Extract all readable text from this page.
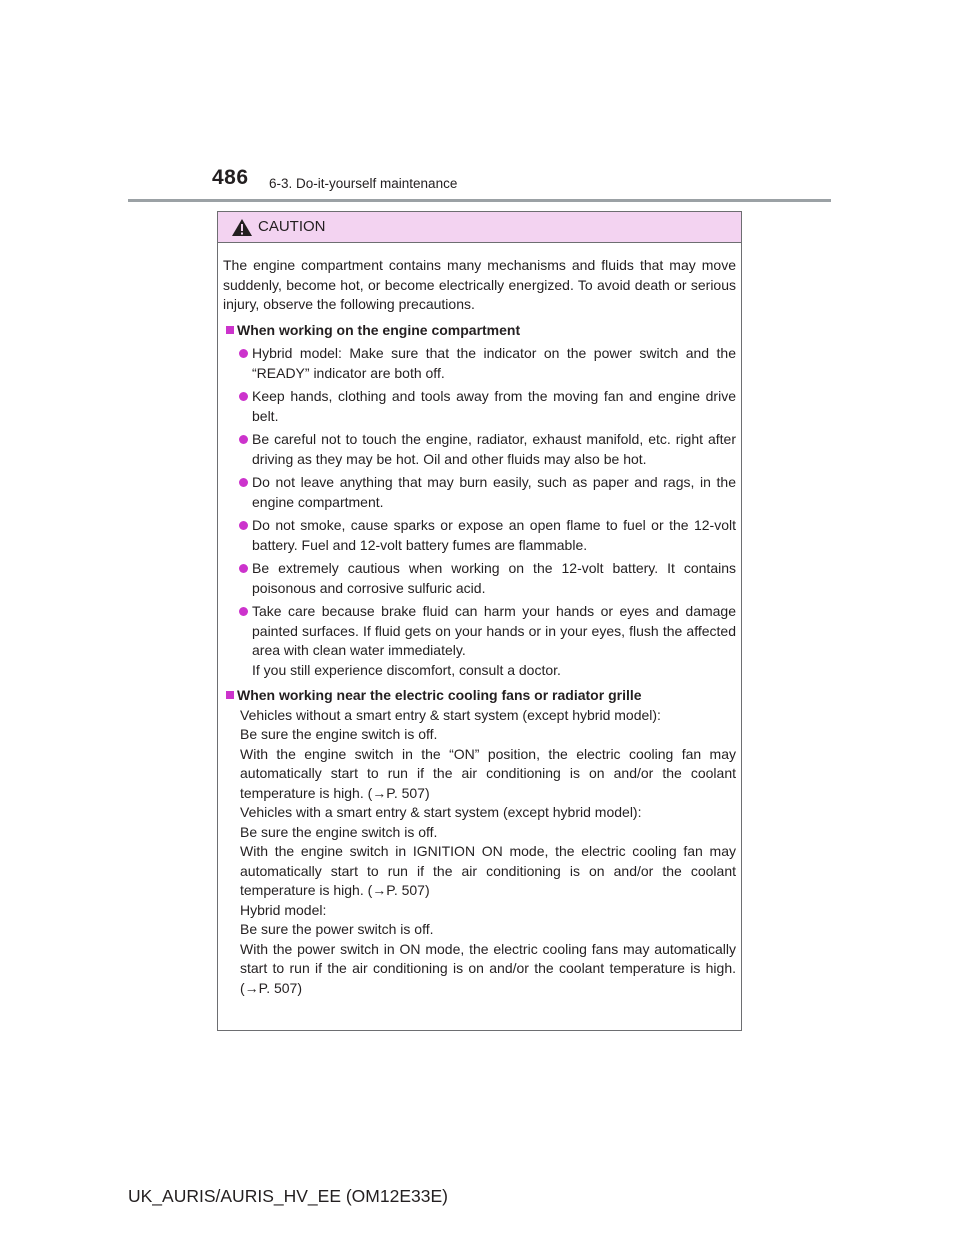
486 6-3. Do-it-yourself maintenance
CAUTION

The engine compartment contains many mechanisms and fluids that may move suddenly, become hot, or become electrically energized. To avoid death or serious injury, observe the following precautions.

When working on the engine compartment
Hybrid model: Make sure that the indicator on the power switch and the “READY” indicator are both off.
Keep hands, clothing and tools away from the moving fan and engine drive belt.
Be careful not to touch the engine, radiator, exhaust manifold, etc. right after driving as they may be hot. Oil and other fluids may also be hot.
Do not leave anything that may burn easily, such as paper and rags, in the engine compartment.
Do not smoke, cause sparks or expose an open flame to fuel or the 12-volt battery. Fuel and 12-volt battery fumes are flammable.
Be extremely cautious when working on the 12-volt battery. It contains poisonous and corrosive sulfuric acid.
Take care because brake fluid can harm your hands or eyes and damage painted surfaces. If fluid gets on your hands or in your eyes, flush the affected area with clean water immediately.
If you still experience discomfort, consult a doctor.
When working near the electric cooling fans or radiator grille

Vehicles without a smart entry & start system (except hybrid model):

Be sure the engine switch is off.

With the engine switch in the “ON” position, the electric cooling fan may automatically start to run if the air conditioning is on and/or the coolant temperature is high. (→P. 507)

Vehicles with a smart entry & start system (except hybrid model):

Be sure the engine switch is off.

With the engine switch in IGNITION ON mode, the electric cooling fan may automatically start to run if the air conditioning is on and/or the coolant temperature is high. (→P. 507)

Hybrid model:

Be sure the power switch is off.

With the power switch in ON mode, the electric cooling fans may automatically start to run if the air conditioning is on and/or the coolant temperature is high. (→P. 507)

UK_AURIS/AURIS_HV_EE (OM12E33E)
